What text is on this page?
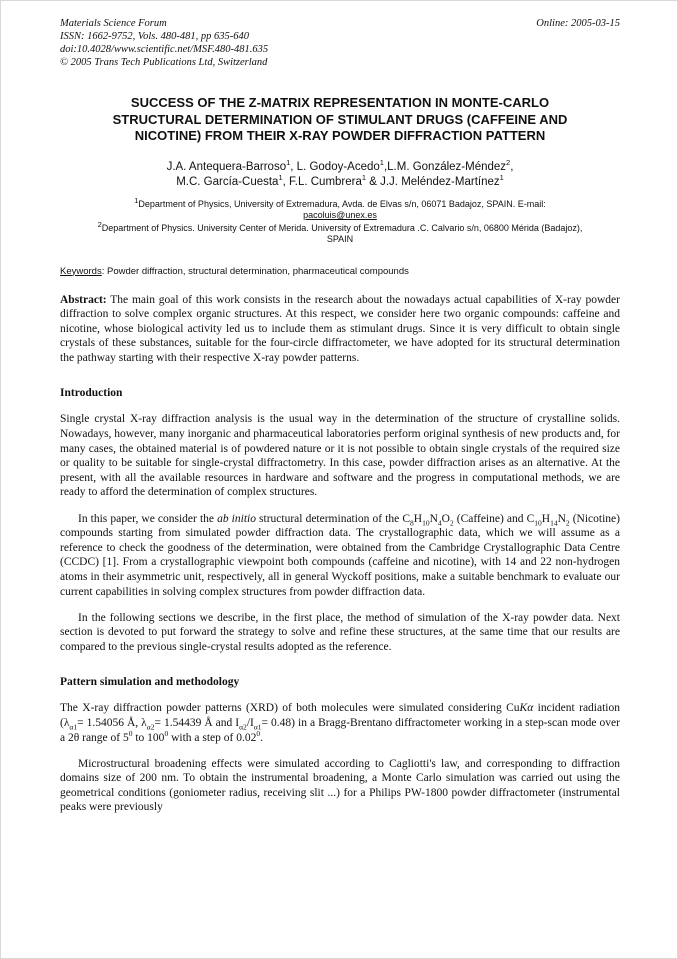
Materials Science Forum
ISSN: 1662-9752, Vols. 480-481, pp 635-640
doi:10.4028/www.scientific.net/MSF.480-481.635
© 2005 Trans Tech Publications Ltd, Switzerland
Online: 2005-03-15
SUCCESS OF THE Z-MATRIX REPRESENTATION IN MONTE-CARLO STRUCTURAL DETERMINATION OF STIMULANT DRUGS (CAFFEINE AND NICOTINE) FROM THEIR X-RAY POWDER DIFFRACTION PATTERN
J.A. Antequera-Barroso$^1$, L. Godoy-Acedo$^1$,L.M. González-Méndez$^2$,
M.C. García-Cuesta$^1$, F.L. Cumbrera$^1$ & J.J. Meléndez-Martínez$^1$
$^1$Department of Physics, University of Extremadura, Avda. de Elvas s/n, 06071 Badajoz, SPAIN. E-mail: pacoluis@unex.es
$^2$Department of Physics. University Center of Merida. University of Extremadura .C. Calvario s/n, 06800 Mérida (Badajoz), SPAIN
Keywords: Powder diffraction, structural determination, pharmaceutical compounds
Abstract: The main goal of this work consists in the research about the nowadays actual capabilities of X-ray powder diffraction to solve complex organic structures. At this respect, we consider here two organic compounds: caffeine and nicotine, whose biological activity led us to include them as stimulant drugs. Since it is very difficult to obtain single crystals of these substances, suitable for the four-circle diffractometer, we have adopted for its structural determination the pathway starting with their respective X-ray powder patterns.
Introduction

Single crystal X-ray diffraction analysis is the usual way in the determination of the structure of crystalline solids. Nowadays, however, many inorganic and pharmaceutical laboratories perform original synthesis of new products and, for many cases, the obtained material is of powdered nature or it is not possible to obtain single crystals of the required size or quality to be suitable for single-crystal diffractometry. In this case, powder diffraction arises as an alternative. At the present, with all the available resources in hardware and software and the progress in computational methods, we are ready to afford the determination of complex structures.

In this paper, we consider the ab initio structural determination of the $C_8H_{10}N_4O_2$ (Caffeine) and $C_{10}H_{14}N_2$ (Nicotine) compounds starting from simulated powder diffraction data. The crystallographic data, which we will assume as a reference to check the goodness of the determination, were obtained from the Cambridge Crystallographic Data Centre (CCDC) [1]. From a crystallographic viewpoint both compounds (caffeine and nicotine), with 14 and 22 non-hydrogen atoms in their asymmetric unit, respectively, all in general Wyckoff positions, make a suitable benchmark to evaluate our current capabilities in solving complex structures from powder diffraction data.

In the following sections we describe, in the first place, the method of simulation of the X-ray powder data. Next section is devoted to put forward the strategy to solve and refine these structures, at the same time that our results are compared to the previous single-crystal results adopted as the reference.

Pattern simulation and methodology

The X-ray diffraction powder patterns (XRD) of both molecules were simulated considering CuKα incident radiation ($\lambda_{\alpha 1}= 1.54056$ Å, $\lambda_{\alpha 2}= 1.54439$ Å and $I_{\alpha 2}/I_{\alpha 1}= 0.48$) in a Bragg-Brentano diffractometer working in a step-scan mode over a 2θ range of $5^0$ to $100^0$ with a step of 0.02$^0$.

Microstructural broadening effects were simulated according to Cagliotti's law, and corresponding to diffraction domains size of 200 nm. To obtain the instrumental broadening, a Monte Carlo simulation was carried out using the geometrical conditions (goniometer radius, receiving slit ...) for a Philips PW-1800 powder diffractometer (instrumental peaks were previously
